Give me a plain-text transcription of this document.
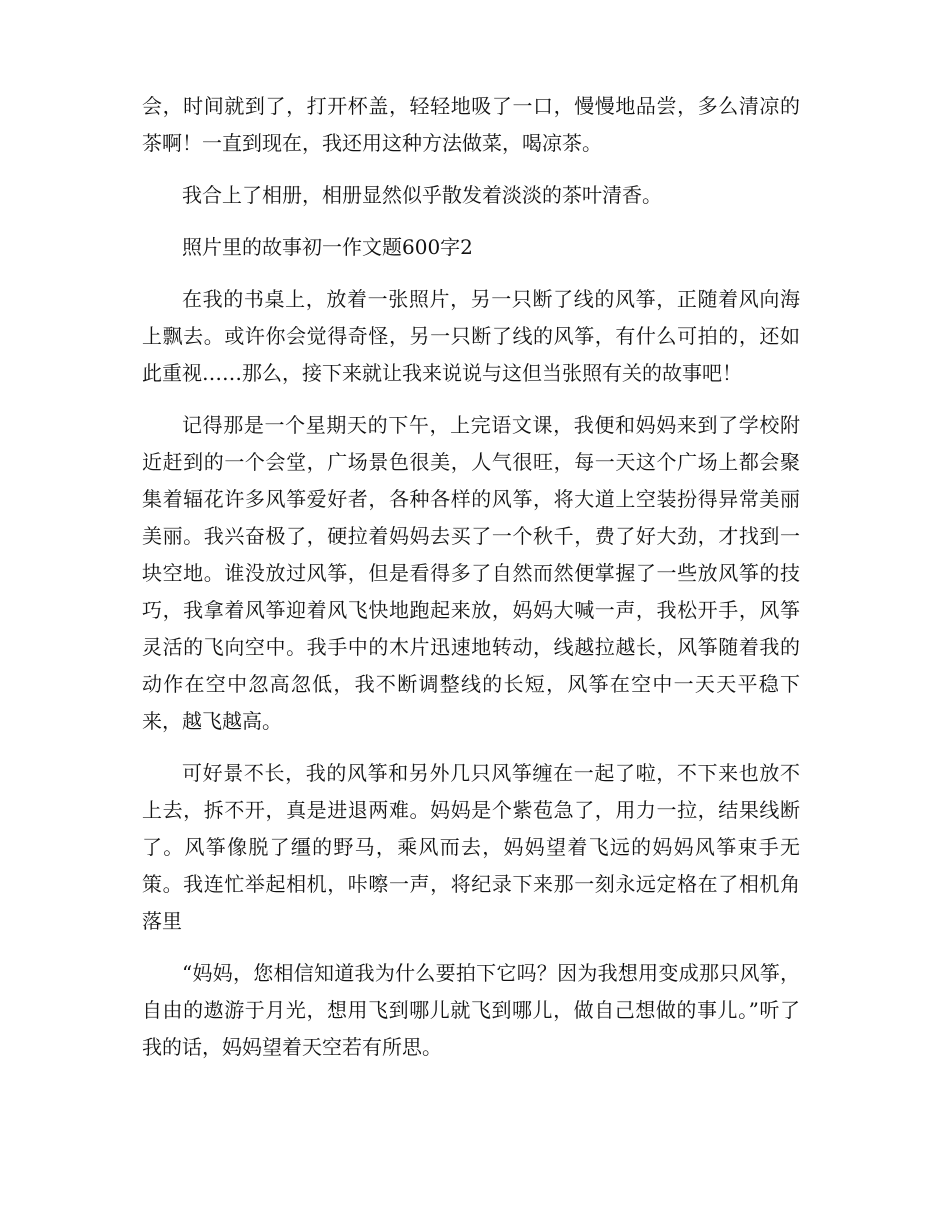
会，时间就到了，打开杯盖，轻轻地吸了一口，慢慢地品尝，多么清凉的茶啊！一直到现在，我还用这种方法做菜，喝凉茶。

我合上了相册，相册显然似乎散发着淡淡的茶叶清香。

照片里的故事初一作文题600字2

在我的书桌上，放着一张照片，另一只断了线的风筝，正随着风向海上飘去。或许你会觉得奇怪，另一只断了线的风筝，有什么可拍的，还如此重视……那么，接下来就让我来说说与这但当张照有关的故事吧！

记得那是一个星期天的下午，上完语文课，我便和妈妈来到了学校附近赶到的一个会堂，广场景色很美，人气很旺，每一天这个广场上都会聚集着辐花许多风筝爱好者，各种各样的风筝，将大道上空装扮得异常美丽美丽。我兴奋极了，硬拉着妈妈去买了一个秋千，费了好大劲，才找到一块空地。谁没放过风筝，但是看得多了自然而然便掌握了一些放风筝的技巧，我拿着风筝迎着风飞快地跑起来放，妈妈大喊一声，我松开手，风筝灵活的飞向空中。我手中的木片迅速地转动，线越拉越长，风筝随着我的动作在空中忽高忽低，我不断调整线的长短，风筝在空中一天天平稳下来，越飞越高。

可好景不长，我的风筝和另外几只风筝缠在一起了啦，不下来也放不上去，拆不开，真是进退两难。妈妈是个紫苞急了，用力一拉，结果线断了。风筝像脱了缰的野马，乘风而去，妈妈望着飞远的妈妈风筝束手无策。我连忙举起相机，咔嚓一声，将纪录下来那一刻永远定格在了相机角落里

“妈妈，您相信知道我为什么要拍下它吗？因为我想用变成那只风筝，自由的遨游于月光，想用飞到哪儿就飞到哪儿，做自己想做的事儿。”听了我的话，妈妈望着天空若有所思。
